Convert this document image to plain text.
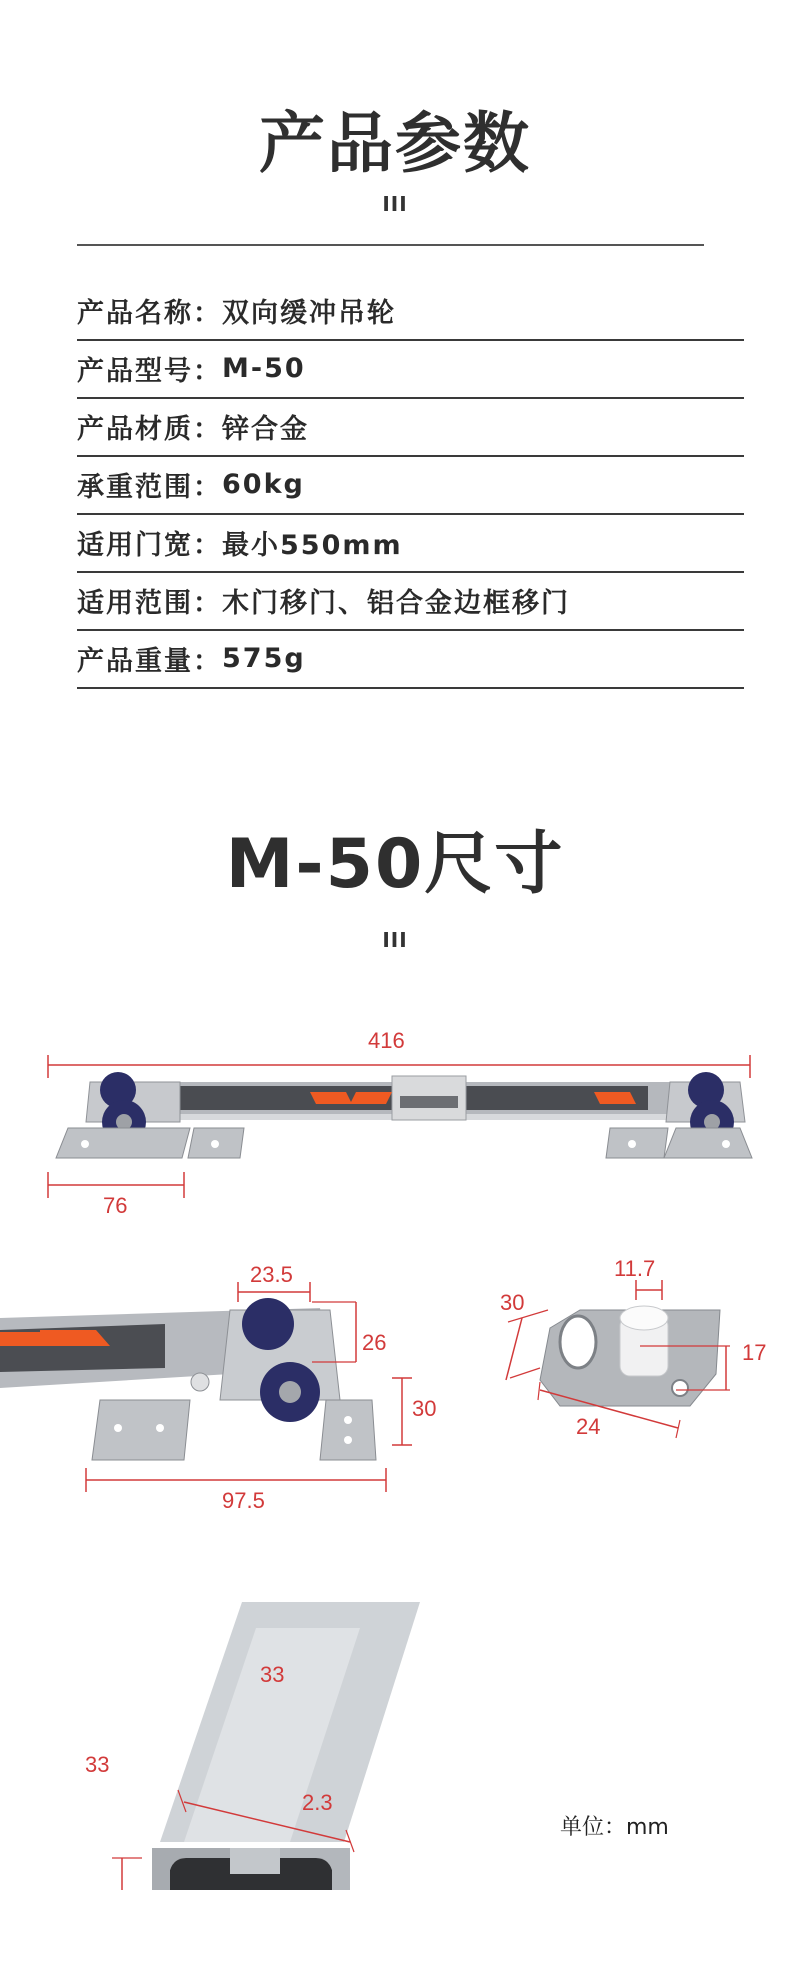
产品参数
III
产品名称： 双向缓冲吊轮
产品型号： M-50
产品材质： 锌合金
承重范围： 60kg
适用门宽： 最小550mm
适用范围： 木门移门、铝合金边框移门
产品重量： 575g
M-50尺寸
III
416
76
23.5
26
30
97.5
11.7
30
17
24
33
33
2.3
单位：mm
